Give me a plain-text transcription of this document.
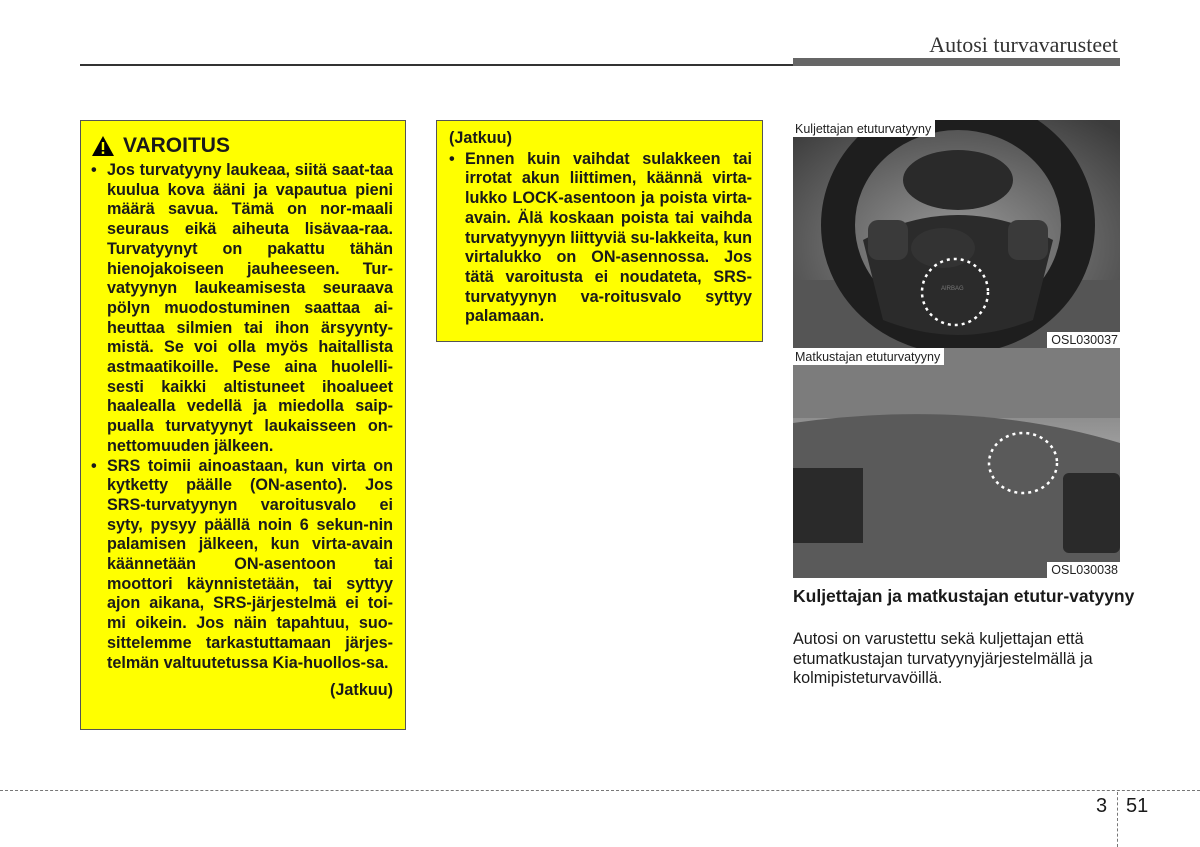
Autosi turvavarusteet
VAROITUS
• Jos turvatyyny laukeaa, siitä saat-taa kuulua kova ääni ja vapautua pieni määrä savua. Tämä on nor-maali seuraus eikä aiheuta lisävaa-raa. Turvatyynyt on pakattu tähän hienojakoiseen jauheeseen. Tur-vatyynyn laukeamisesta seuraava pölyn muodostuminen saattaa ai-heuttaa silmien tai ihon ärsyynty-mistä. Se voi olla myös haitallista astmaatikoille. Pese aina huolelli-sesti kaikki altistuneet ihoalueet haalealla vedellä ja miedolla saip-pualla turvatyynyt laukaisseen on-nettomuuden jälkeen.
• SRS toimii ainoastaan, kun virta on kytketty päälle (ON-asento). Jos SRS-turvatyynyn varoitusvalo ei syty, pysyy päällä noin 6 sekun-nin palamisen jälkeen, kun virta-avain käännetään ON-asentoon tai moottori käynnistetään, tai syttyy ajon aikana, SRS-järjestelmä ei toi-mi oikein. Jos näin tapahtuu, suo-sittelemme tarkastuttamaan järjes-telmän valtuutetussa Kia-huollos-sa.
(Jatkuu)
(Jatkuu)
• Ennen kuin vaihdat sulakkeen tai irrotat akun liittimen, käännä virta-lukko LOCK-asentoon ja poista virta-avain. Älä koskaan poista tai vaihda turvatyynyyn liittyviä su-lakkeita, kun virtalukko on ON-asennossa. Jos tätä varoitusta ei noudateta, SRS-turvatyynyn va-roitusvalo syttyy palamaan.
AIRBAG
Kuljettajan etuturvatyyny
OSL030037
Matkustajan etuturvatyyny
OSL030038
Kuljettajan ja matkustajan etutur-vatyyny
Autosi on varustettu sekä kuljettajan että etumatkustajan turvatyynyjärjestelmällä ja kolmipisteturvavöillä.
3 51
